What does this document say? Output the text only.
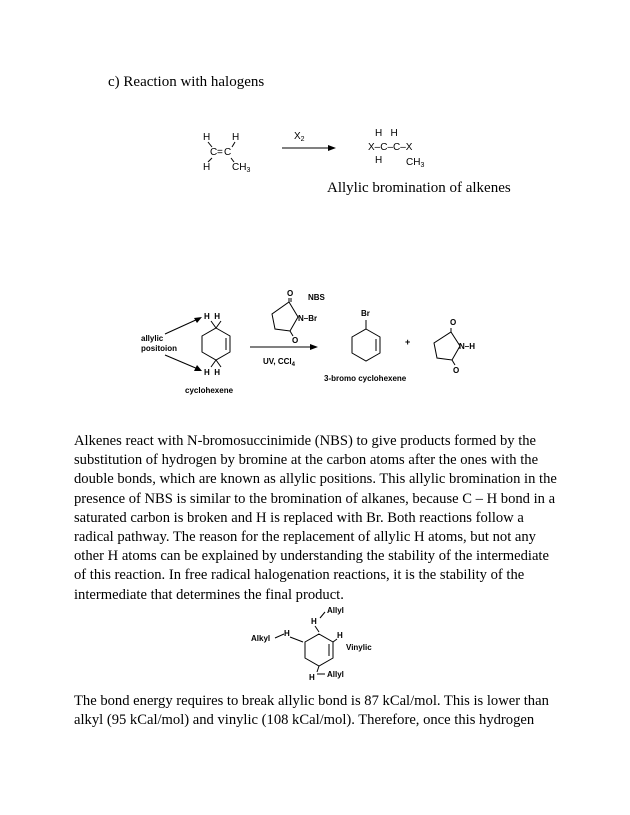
c) Reaction with halogens
H H
C = C
H $CH_3$
$X_2$
H   H
X–C–C–X
H $CH_3$
Allylic bromination of alkenes
allylic
positoion
H  H
H  H
cyclohexene
NBS
O
N–Br
O
UV, CCl$_4$
Br
3-bromo cyclohexene
+
O
N–H
O
Alkenes react with N-bromosuccinimide (NBS) to give products formed by the substitution of hydrogen by bromine at the carbon atoms after the ones with the double bonds, which are known as allylic positions. This allylic bromination in the presence of NBS is similar to the bromination of alkanes, because C – H bond in a saturated carbon is broken and H is replaced with Br. Both reactions follow a radical pathway. The reason for the replacement of allylic H atoms, but not any other H atoms can be explained by understanding the stability of the intermediate of this reaction. In free radical halogenation reactions, it is the stability of the intermediate that determines the final product.
Allyl
H
Alkyl
H	H
Vinylic
H Allyl
The bond energy requires to break allylic bond is 87 kCal/mol. This is lower than alkyl (95 kCal/mol) and vinylic (108 kCal/mol). Therefore, once this hydrogen
